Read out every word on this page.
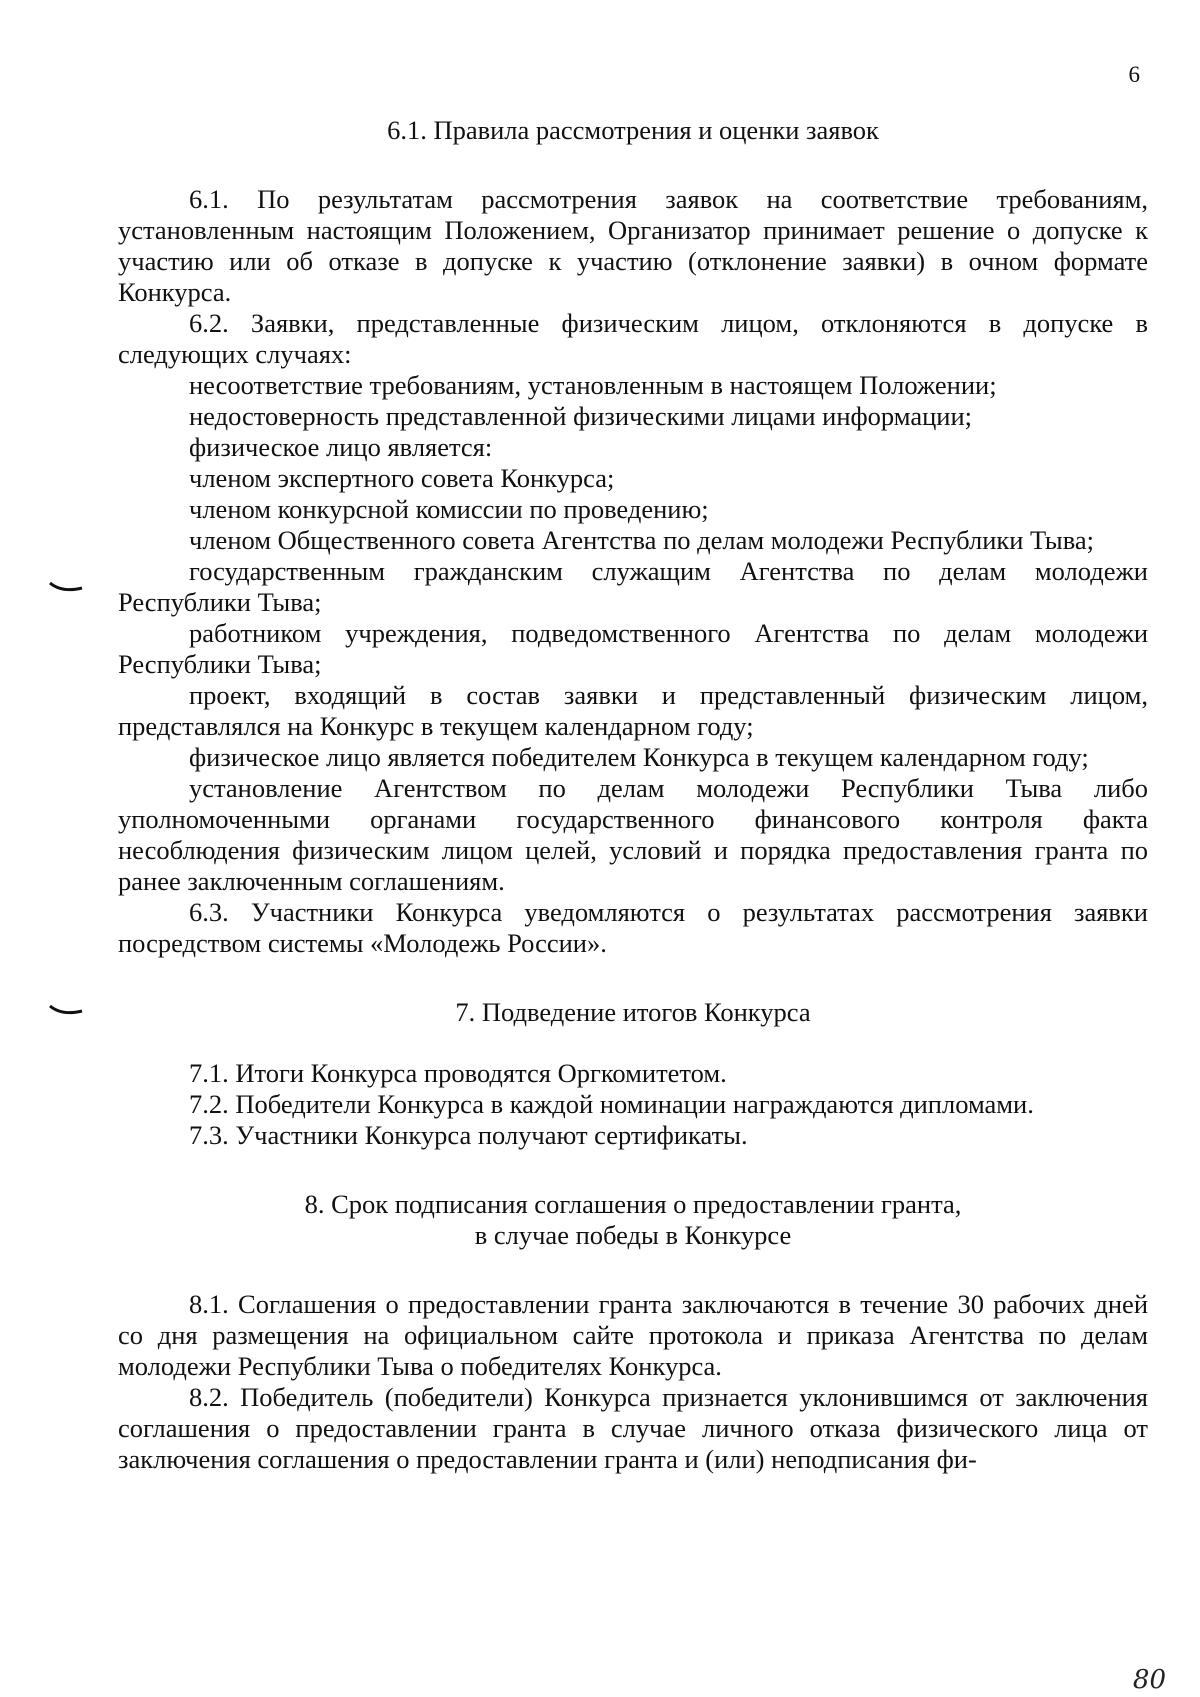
6
6.1. Правила рассмотрения и оценки заявок

6.1. По результатам рассмотрения заявок на соответствие требованиям, установленным настоящим Положением, Организатор принимает решение о допуске к участию или об отказе в допуске к участию (отклонение заявки) в очном формате Конкурса.

6.2. Заявки, представленные физическим лицом, отклоняются в допуске в следующих случаях:

несоответствие требованиям, установленным в настоящем Положении;

недостоверность представленной физическими лицами информации;

физическое лицо является:

членом экспертного совета Конкурса;

членом конкурсной комиссии по проведению;

членом Общественного совета Агентства по делам молодежи Республики Тыва;

государственным гражданским служащим Агентства по делам молодежи Республики Тыва;

работником учреждения, подведомственного Агентства по делам молодежи Республики Тыва;

проект, входящий в состав заявки и представленный физическим лицом, представлялся на Конкурс в текущем календарном году;

физическое лицо является победителем Конкурса в текущем календарном году;

установление Агентством по делам молодежи Республики Тыва либо уполномоченными органами государственного финансового контроля факта несоблюдения физическим лицом целей, условий и порядка предоставления гранта по ранее заключенным соглашениям.

6.3. Участники Конкурса уведомляются о результатах рассмотрения заявки посредством системы «Молодежь России».

7. Подведение итогов Конкурса
7.1. Итоги Конкурса проводятся Оргкомитетом.
7.2. Победители Конкурса в каждой номинации награждаются дипломами.
7.3. Участники Конкурса получают сертификаты.
8. Срок подписания соглашения о предоставлении гранта,
в случае победы в Конкурсе

8.1. Соглашения о предоставлении гранта заключаются в течение 30 рабочих дней со дня размещения на официальном сайте протокола и приказа Агентства по делам молодежи Республики Тыва о победителях Конкурса.

8.2. Победитель (победители) Конкурса признается уклонившимся от заключения соглашения о предоставлении гранта в случае личного отказа физического лица от заключения соглашения о предоставлении гранта и (или) неподписания фи-

80
